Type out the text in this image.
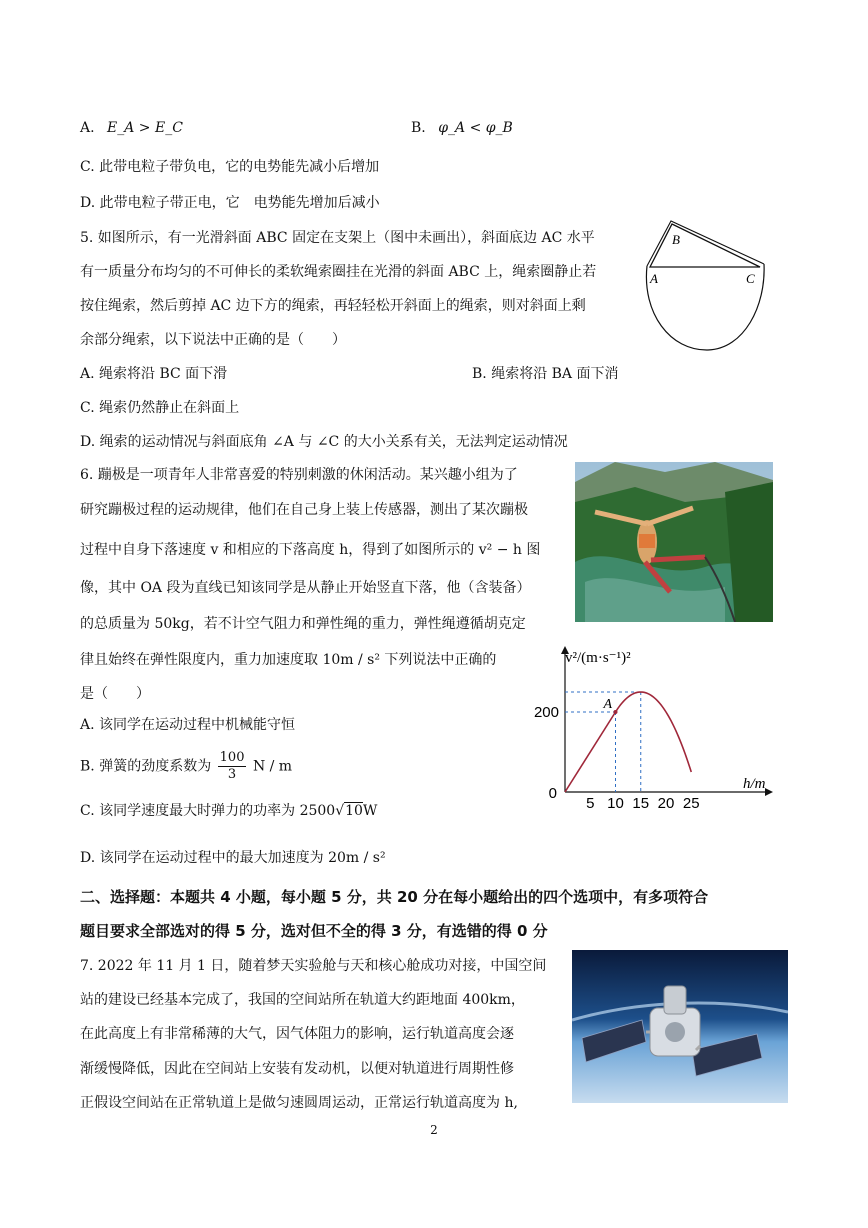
A. E_A > E_C	B. φ_A < φ_B
C. 此带电粒子带负电，它的电势能先减小后增加
D. 此带电粒子带正电，它　电势能先增加后减小
5. 如图所示，有一光滑斜面 ABC 固定在支架上（图中未画出），斜面底边 AC 水平
有一质量分布均匀的不可伸长的柔软绳索圈挂在光滑的斜面 ABC 上，绳索圈静止若
按住绳索，然后剪掉 AC 边下方的绳索，再轻轻松开斜面上的绳索，则对斜面上剩
余部分绳索，以下说法中正确的是（　　）
B
A	C
A. 绳索将沿 BC 面下滑	B. 绳索将沿 BA 面下消
C. 绳索仍然静止在斜面上
D. 绳索的运动情况与斜面底角 ∠A 与 ∠C 的大小关系有关，无法判定运动情况
6. 蹦极是一项青年人非常喜爱的特别刺激的休闲活动。某兴趣小组为了
研究蹦极过程的运动规律，他们在自己身上装上传感器，测出了某次蹦极
过程中自身下落速度 v 和相应的下落高度 h，得到了如图所示的 v² − h 图
像，其中 OA 段为直线已知该同学是从静止开始竖直下落，他（含装备）
的总质量为 50kg，若不计空气阻力和弹性绳的重力，弹性绳遵循胡克定
律且始终在弹性限度内，重力加速度取 10m / s² 下列说法中正确的
是（　　）
5 10 15 20 25
200
0
A
h/m
v²/(m·s⁻¹)²
A. 该同学在运动过程中机械能守恒
B. 弹簧的劲度系数为 $\frac{100}{3}$ N / m
C. 该同学速度最大时弹力的功率为 2500√10W
D. 该同学在运动过程中的最大加速度为 20m / s²
二、选择题：本题共 4 小题，每小题 5 分，共 20 分在每小题给出的四个选项中，有多项符合
题目要求全部选对的得 5 分，选对但不全的得 3 分，有选错的得 0 分
7. 2022 年 11 月 1 日，随着梦天实验舱与天和核心舱成功对接，中国空间
站的建设已经基本完成了，我国的空间站所在轨道大约距地面 400km，
在此高度上有非常稀薄的大气，因气体阻力的影响，运行轨道高度会逐
渐缓慢降低，因此在空间站上安装有发动机，以便对轨道进行周期性修
正假设空间站在正常轨道上是做匀速圆周运动，正常运行轨道高度为 h,
2
